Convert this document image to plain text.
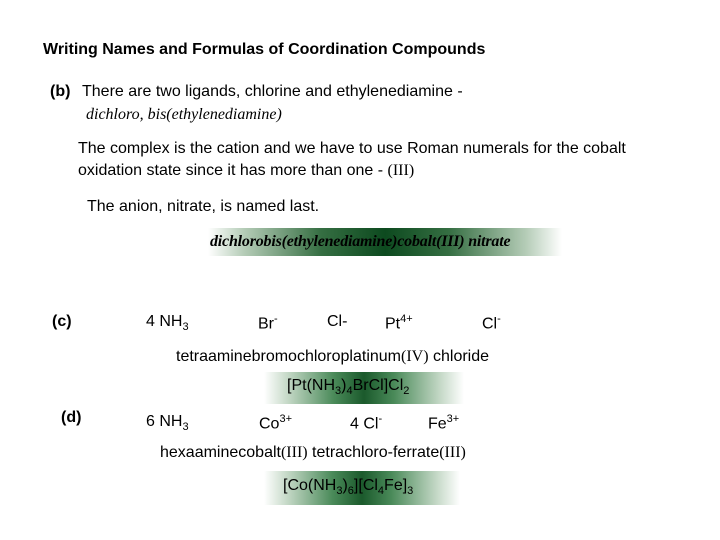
Writing Names and Formulas of Coordination Compounds
(b) There are two ligands, chlorine and ethylenediamine -
dichloro, bis(ethylenediamine)
The complex is the cation and we have to use Roman numerals for the cobalt oxidation state since it has more than one - (III)
The anion, nitrate, is named last.
dichlorobis(ethylenediamine)cobalt(III) nitrate
(c)	4 $NH_3$	Br-	Cl- $Pt^{4+}$	Cl-
tetraaminebromochloroplatinum(IV) chloride
$[Pt(NH_3)_4BrCl]Cl_2$
(d)	6 $NH_3$	$Co^{3+}$	4 Cl-	$Fe^{3+}$
hexaaminecobalt(III) tetrachloro-ferrate(III)
$[Co(NH_3)_6][Cl_4Fe]_3$
